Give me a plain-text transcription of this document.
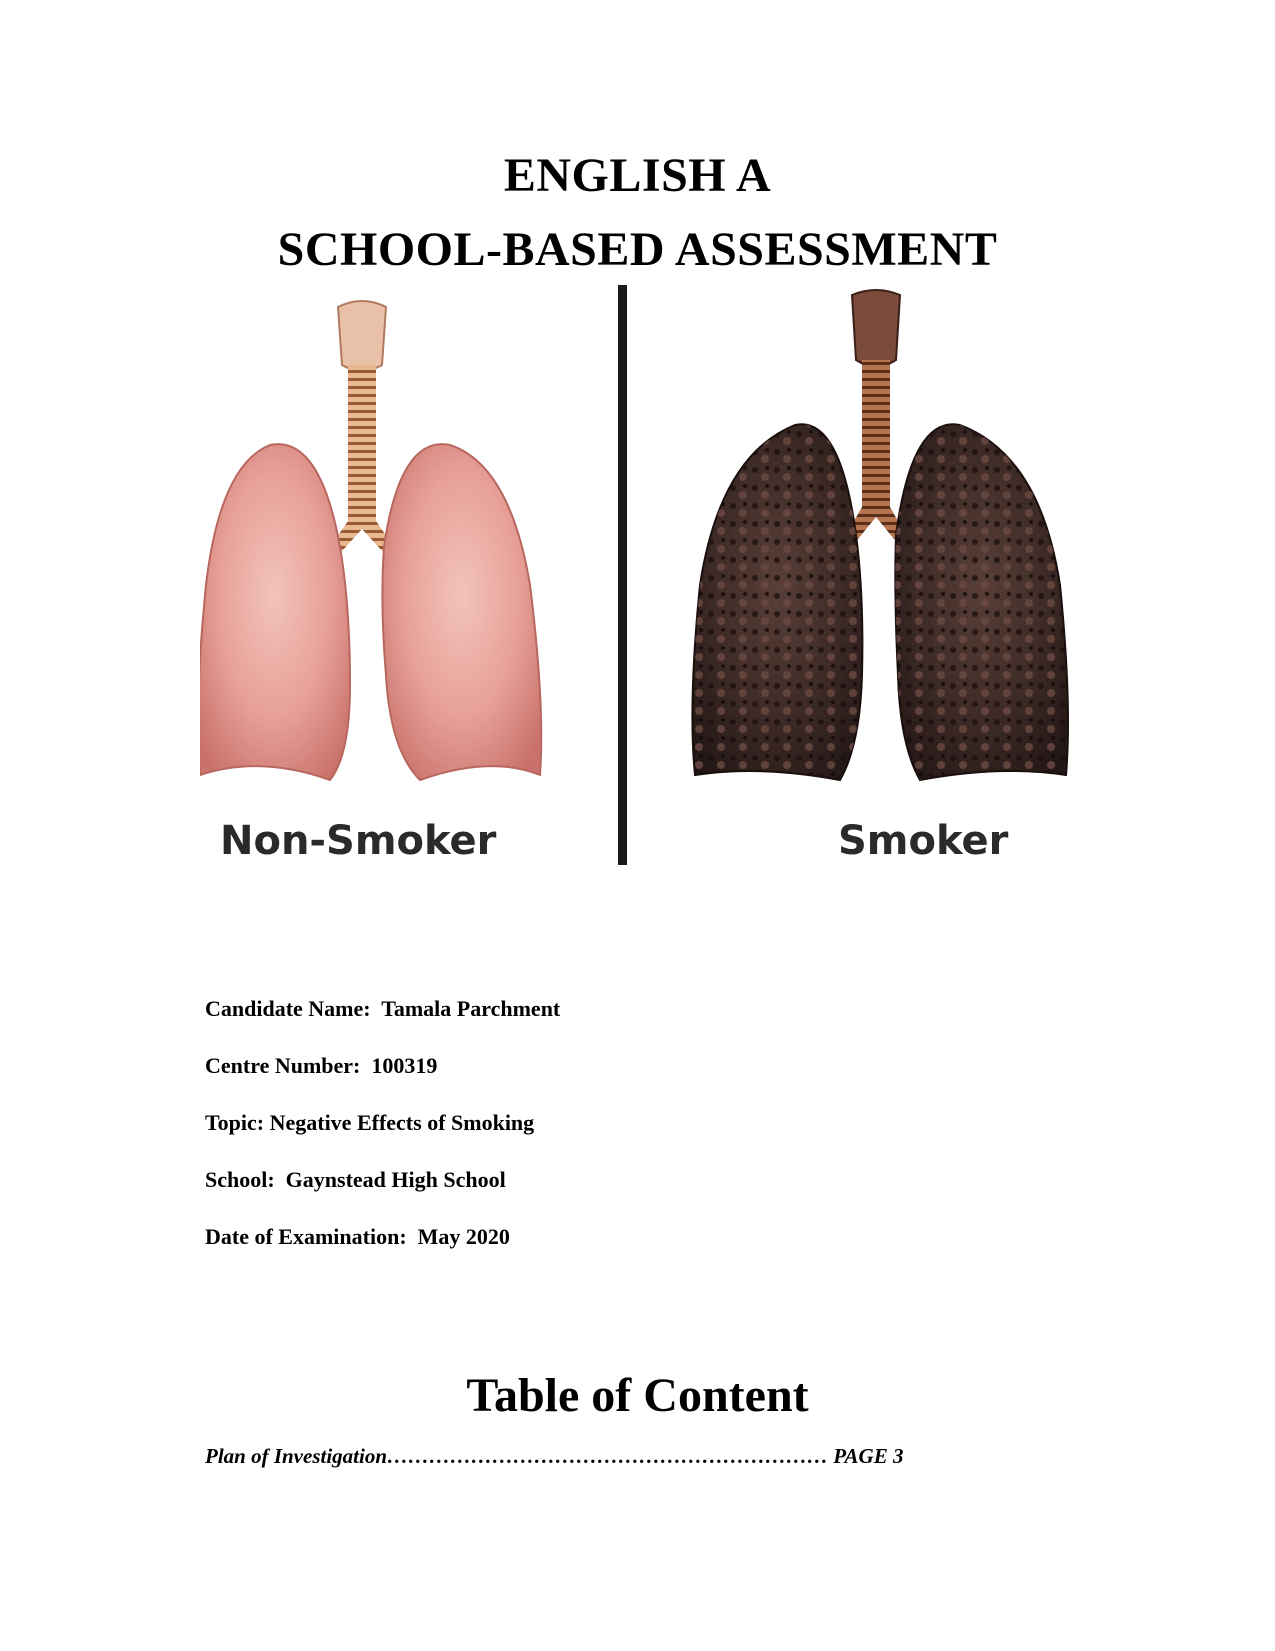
ENGLISH A
SCHOOL-BASED ASSESSMENT
Non-Smoker	Smoker
Candidate Name:  Tamala Parchment
Centre Number:  100319
Topic: Negative Effects of Smoking
School:  Gaynstead High School
Date of Examination:  May 2020
Table of Content
Plan of Investigation……………………………………………………… PAGE 3
